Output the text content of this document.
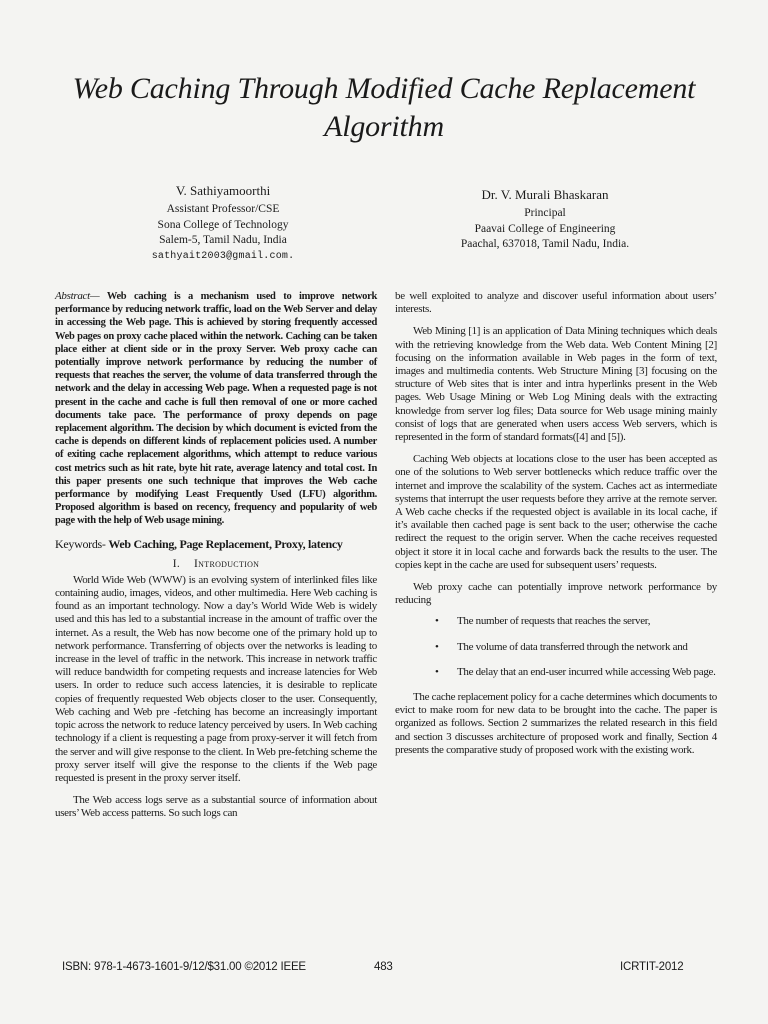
Web Caching Through Modified Cache Replacement Algorithm
V. Sathiyamoorthi
Assistant Professor/CSE
Sona College of Technology
Salem-5, Tamil Nadu, India
sathyait2003@gmail.com.
Dr. V. Murali Bhaskaran
Principal
Paavai College of Engineering
Paachal, 637018, Tamil Nadu, India.

Abstract— Web caching is a mechanism used to improve network performance by reducing network traffic, load on the Web Server and delay in accessing the Web page. This is achieved by storing frequently accessed Web pages on proxy cache placed within the network. Caching can be taken place either at client side or in the proxy Server. Web proxy cache can potentially improve network performance by reducing the number of requests that reaches the server, the volume of data transferred through the network and the delay in accessing Web page. When a requested page is not present in the cache and cache is full then removal of one or more cached documents take pace. The performance of proxy depends on page replacement algorithm. The decision by which document is evicted from the cache is depends on different kinds of replacement policies used. A number of exiting cache replacement algorithms, which attempt to reduce various cost metrics such as hit rate, byte hit rate, average latency and total cost. In this paper presents one such technique that improves the Web cache performance by modifying Least Frequently Used (LFU) algorithm. Proposed algorithm is based on recency, frequency and popularity of web page with the help of Web usage mining.

Keywords- Web Caching, Page Replacement, Proxy, latency

I. Introduction

World Wide Web (WWW) is an evolving system of interlinked files like containing audio, images, videos, and other multimedia. Here Web caching is found as an important technology. Now a day’s World Wide Web is widely used and this has led to a substantial increase in the amount of traffic over the internet. As a result, the Web has now become one of the primary hold up to network performance. Transferring of objects over the networks is leading to increase in the level of traffic in the network. This increase in network traffic will reduce bandwidth for competing requests and increase latencies for Web users. In order to reduce such access latencies, it is desirable to replicate copies of frequently requested Web objects closer to the user. Consequently, Web caching and Web pre -fetching has become an increasingly important topic across the network to reduce latency perceived by users. In Web caching technology if a client is requesting a page from proxy-server it will fetch from the server and will give response to the client. In Web pre-fetching scheme the proxy server itself will give the response to the clients if the Web page requested is present in the proxy server itself.

The Web access logs serve as a substantial source of information about users’ Web access patterns. So such logs can

be well exploited to analyze and discover useful information about users’ interests.

Web Mining [1] is an application of Data Mining techniques which deals with the retrieving knowledge from the Web data. Web Content Mining [2] focusing on the information available in Web pages in the form of text, images and multimedia contents. Web Structure Mining [3] focusing on the structure of Web sites that is inter and intra hyperlinks present in the Web pages. Web Usage Mining or Web Log Mining deals with the extracting knowledge from server log files; Data source for Web usage mining mainly consist of logs that are generated when users access Web servers, which is represented in the form of standard formats([4] and [5]).

Caching Web objects at locations close to the user has been accepted as one of the solutions to Web server bottlenecks which reduce traffic over the internet and improve the scalability of the system. Caches act as intermediate systems that interrupt the user requests before they arrive at the remote server. A Web cache checks if the requested object is available in its local cache, if it’s available then cached page is sent back to the user; otherwise the cache redirect the request to the origin server. When the cache receives requested object it store it in local cache and forwards back the results to the user. The copies kept in the cache are used for subsequent users’ requests.

Web proxy cache can potentially improve network performance by reducing

• The number of requests that reaches the server,
• The volume of data transferred through the network and
• The delay that an end-user incurred while accessing Web page.

The cache replacement policy for a cache determines which documents to evict to make room for new data to be brought into the cache. The paper is organized as follows. Section 2 summarizes the related research in this field and section 3 discusses architecture of proposed work and finally, Section 4 presents the comparative study of proposed work with the existing work.

ISBN: 978-1-4673-1601-9/12/$31.00 ©2012 IEEE	483	ICRTIT-2012
